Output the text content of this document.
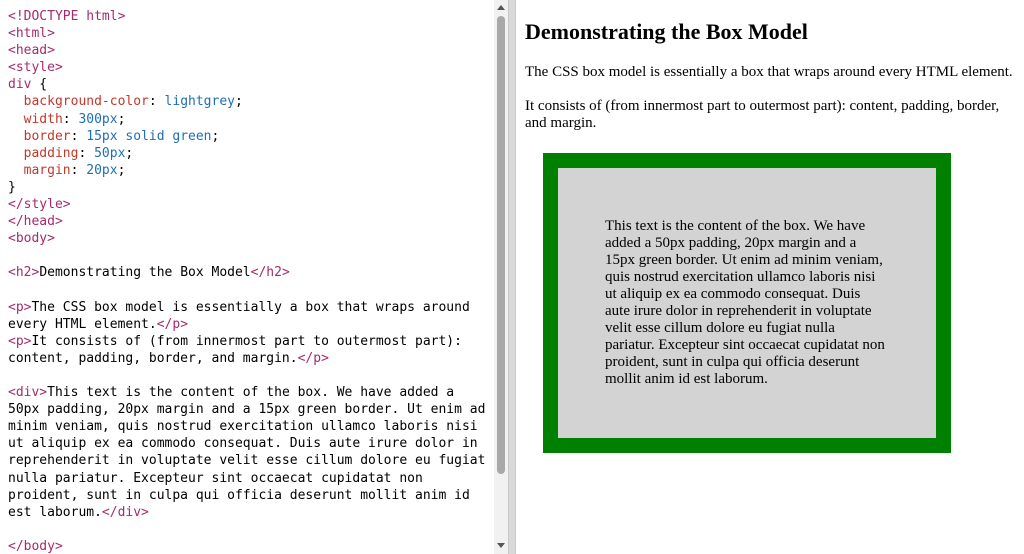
<!DOCTYPE html>
<html>
<head>
<style>
div {
background-color: lightgrey;
width: 300px;
border: 15px solid green;
padding: 50px;
margin: 20px;
}
</style>
</head>
<body>

<h2>Demonstrating the Box Model</h2>

<p>The CSS box model is essentially a box that wraps around every HTML element.</p>
<p>It consists of (from innermost part to outermost part): content, padding, border, and margin.</p>

<div>This text is the content of the box. We have added a 50px padding, 20px margin and a 15px green border. Ut enim ad minim veniam, quis nostrud exercitation ullamco laboris nisi ut aliquip ex ea commodo consequat. Duis aute irure dolor in reprehenderit in voluptate velit esse cillum dolore eu fugiat nulla pariatur. Excepteur sint occaecat cupidatat non proident, sunt in culpa qui officia deserunt mollit anim id est laborum.</div>

</body>
Demonstrating the Box Model

The CSS box model is essentially a box that wraps around every HTML element.

It consists of (from innermost part to outermost part): content, padding, border, and margin.

This text is the content of the box. We have added a 50px padding, 20px margin and a 15px green border. Ut enim ad minim veniam, quis nostrud exercitation ullamco laboris nisi ut aliquip ex ea commodo consequat. Duis aute irure dolor in reprehenderit in voluptate velit esse cillum dolore eu fugiat nulla pariatur. Excepteur sint occaecat cupidatat non proident, sunt in culpa qui officia deserunt mollit anim id est laborum.
